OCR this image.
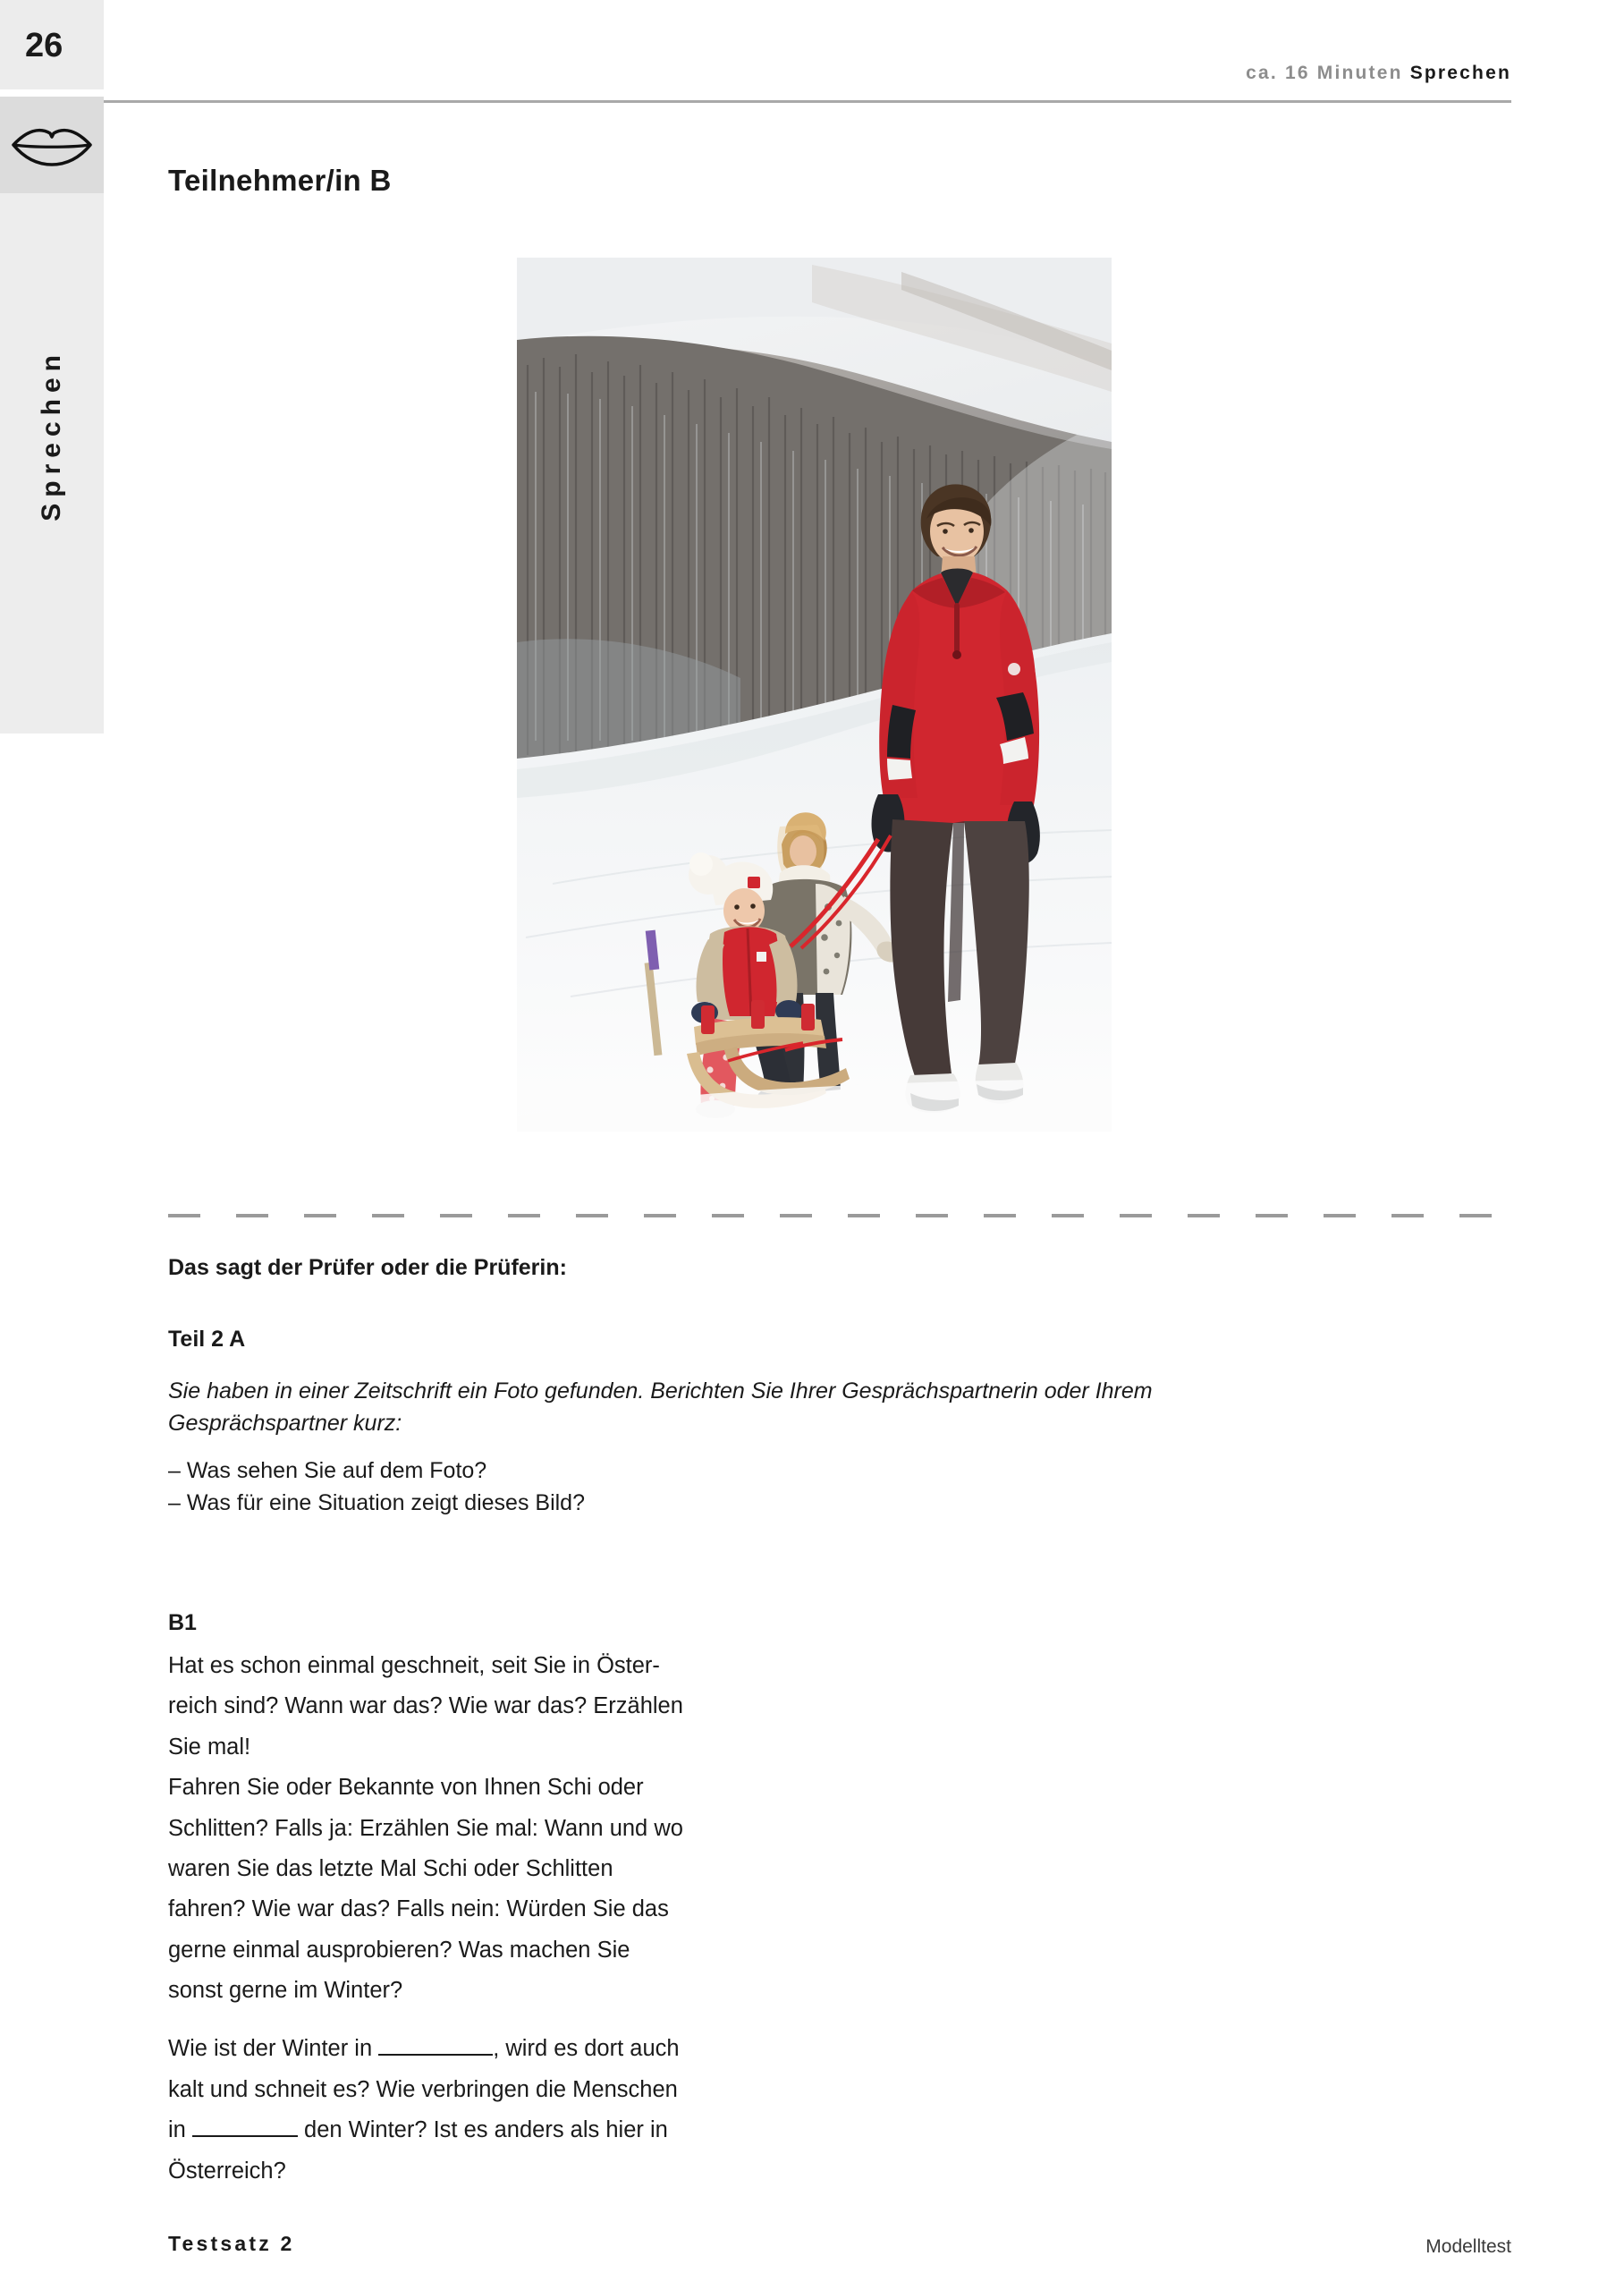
26
Sprechen
ca. 16 Minuten Sprechen
Teilnehmer/in B
Das sagt der Prüfer oder die Prüferin:
Teil 2 A
Sie haben in einer Zeitschrift ein Foto gefunden. Berichten Sie Ihrer Gesprächspartnerin oder Ihrem
Gesprächspartner kurz:
– Was sehen Sie auf dem Foto?
– Was für eine Situation zeigt dieses Bild?
B1

Hat es schon einmal geschneit, seit Sie in Öster-
reich sind? Wann war das? Wie war das? Erzählen
Sie mal!

Fahren Sie oder Bekannte von Ihnen Schi oder
Schlitten? Falls ja: Erzählen Sie mal: Wann und wo
waren Sie das letzte Mal Schi oder Schlitten
fahren? Wie war das? Falls nein: Würden Sie das
gerne einmal ausprobieren? Was machen Sie
sonst gerne im Winter?

Wie ist der Winter in	, wird es dort auch
kalt und schneit es? Wie verbringen die Menschen
in	den Winter? Ist es anders als hier in
Österreich?

Testsatz 2	Modelltest
